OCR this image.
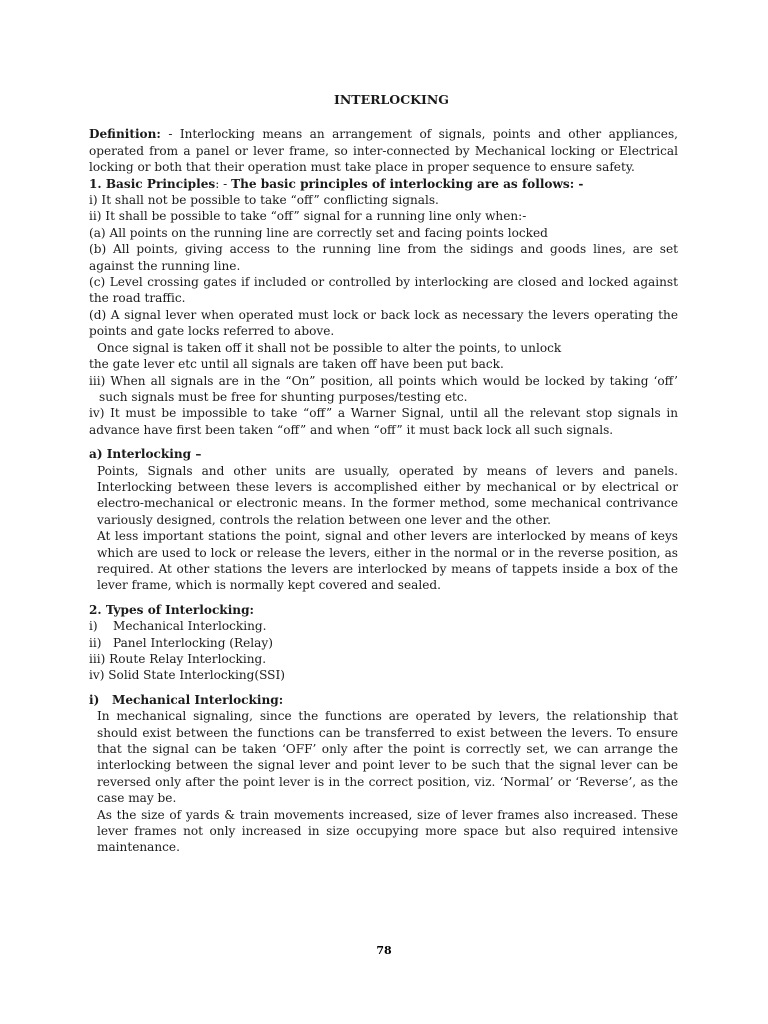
INTERLOCKING

Definition: - Interlocking means an arrangement of signals, points and other appliances, operated from a panel or lever frame, so inter-connected by Mechanical locking or Electrical locking or both that their operation must take place in proper sequence to ensure safety.

1. Basic Principles: - The basic principles of interlocking are as follows: -

i) It shall not be possible to take “off” conflicting signals.
ii) It shall be possible to take “off” signal for a running line only when:-
(a) All points on the running line are correctly set and facing points locked
(b) All points, giving access to the running line from the sidings and goods lines, are set against the running line.
(c) Level crossing gates if included or controlled by interlocking are closed and locked against the road traffic.
(d) A signal lever when operated must lock or back lock as necessary the levers operating the points and gate locks referred to above.
Once signal is taken off it shall not be possible to alter the points, to unlock
the gate lever etc until all signals are taken off have been put back.
iii) When all signals are in the “On” position, all points which would be locked by taking ‘off’ such signals must be free for shunting purposes/testing etc.
iv) It must be impossible to take “off” a Warner Signal, until all the relevant stop signals in advance have first been taken “off” and when “off” it must back lock all such signals.

a) Interlocking –

Points, Signals and other units are usually, operated by means of levers and panels. Interlocking between these levers is accomplished either by mechanical or by electrical or electro-mechanical or electronic means. In the former method, some mechanical contrivance variously designed, controls the relation between one lever and the other.

At less important stations the point, signal and other levers are interlocked by means of keys which are used to lock or release the levers, either in the normal or in the reverse position, as required. At other stations the levers are interlocked by means of tappets inside a box of the lever frame, which is normally kept covered and sealed.

2. Types of Interlocking:

i)    Mechanical Interlocking.
ii)   Panel Interlocking (Relay)
iii) Route Relay Interlocking.
iv) Solid State Interlocking(SSI)

i)   Mechanical Interlocking:

In mechanical signaling, since the functions are operated by levers, the relationship that should exist between the functions can be transferred to exist between the levers. To ensure that the signal can be taken ‘OFF’ only after the point is correctly set, we can arrange the interlocking between the signal lever and point lever to be such that the signal lever can be reversed only after the point lever is in the correct position, viz. ‘Normal’ or ‘Reverse’, as the case may be.

As the size of yards & train movements increased, size of lever frames also increased. These lever frames not only increased in size occupying more space but also required intensive maintenance.

78
